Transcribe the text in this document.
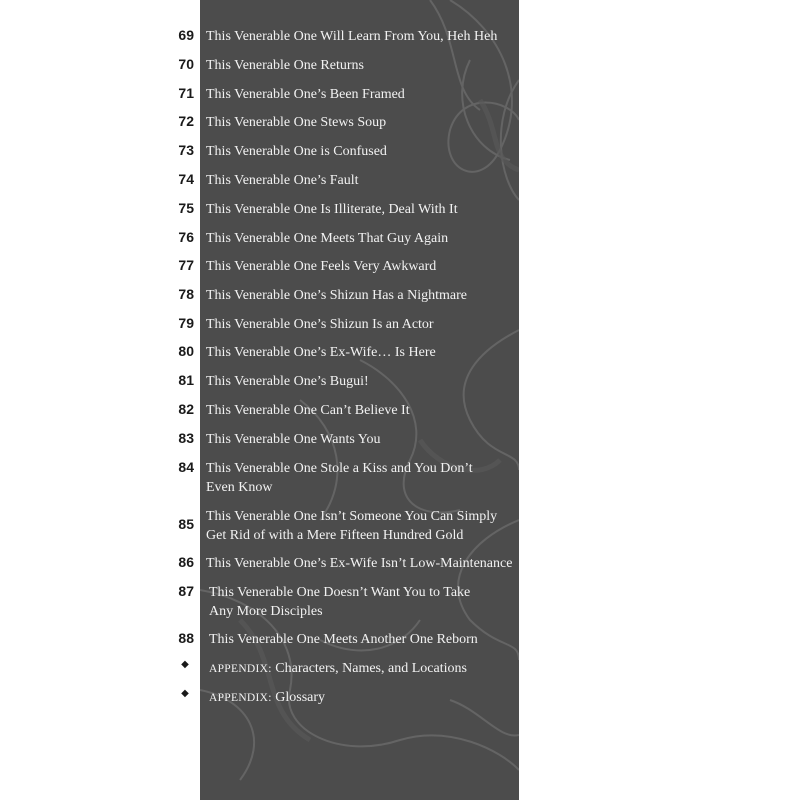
69 This Venerable One Will Learn From You, Heh Heh
70 This Venerable One Returns
71 This Venerable One’s Been Framed
72 This Venerable One Stews Soup
73 This Venerable One is Confused
74 This Venerable One’s Fault
75 This Venerable One Is Illiterate, Deal With It
76 This Venerable One Meets That Guy Again
77 This Venerable One Feels Very Awkward
78 This Venerable One’s Shizun Has a Nightmare
79 This Venerable One’s Shizun Is an Actor
80 This Venerable One’s Ex-Wife… Is Here
81 This Venerable One’s Bugui!
82 This Venerable One Can’t Believe It
83 This Venerable One Wants You
84 This Venerable One Stole a Kiss and You Don’t
Even Know
85 This Venerable One Isn’t Someone You Can Simply
Get Rid of with a Mere Fifteen Hundred Gold
86 This Venerable One’s Ex-Wife Isn’t Low-Maintenance
87 This Venerable One Doesn’t Want You to Take
Any More Disciples
88 This Venerable One Meets Another One Reborn
◆ APPENDIX: Characters, Names, and Locations
◆ APPENDIX: Glossary
